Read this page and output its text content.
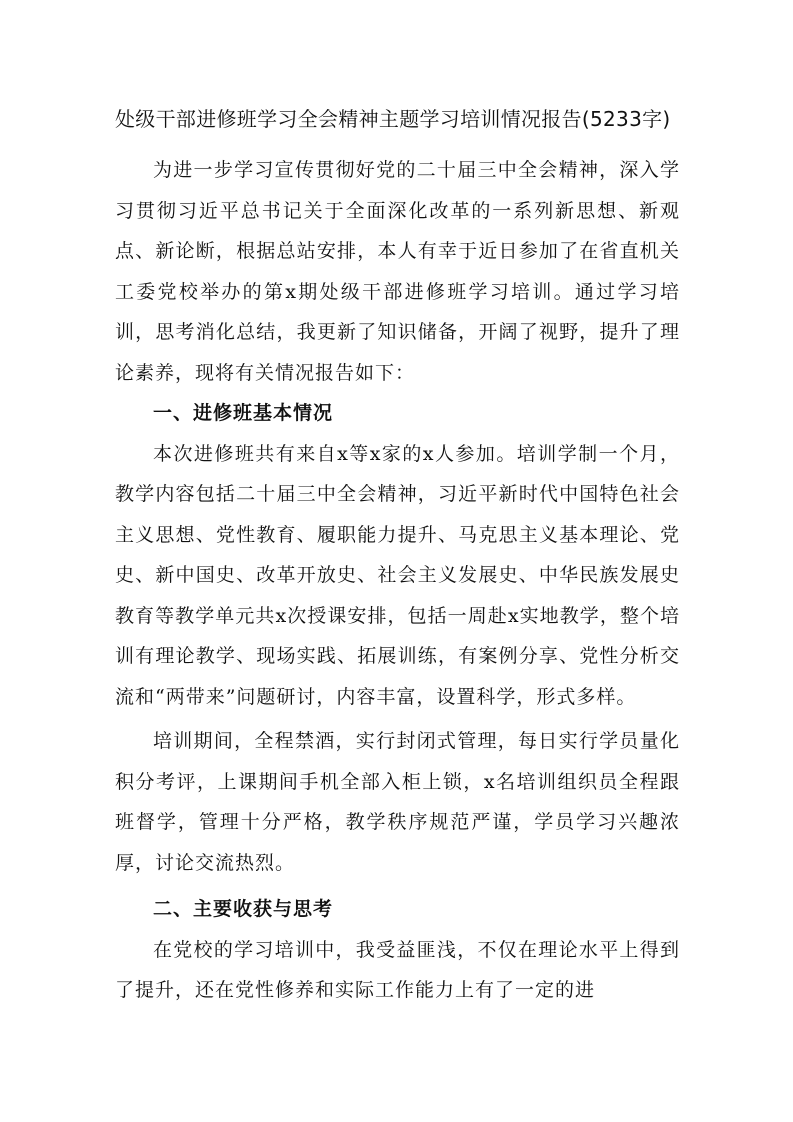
处级干部进修班学习全会精神主题学习培训情况报告(5233字)

为进一步学习宣传贯彻好党的二十届三中全会精神，深入学习贯彻习近平总书记关于全面深化改革的一系列新思想、新观点、新论断，根据总站安排，本人有幸于近日参加了在省直机关工委党校举办的第x期处级干部进修班学习培训。通过学习培训，思考消化总结，我更新了知识储备，开阔了视野，提升了理论素养，现将有关情况报告如下：

一、进修班基本情况

本次进修班共有来自x等x家的x人参加。培训学制一个月，教学内容包括二十届三中全会精神，习近平新时代中国特色社会主义思想、党性教育、履职能力提升、马克思主义基本理论、党史、新中国史、改革开放史、社会主义发展史、中华民族发展史教育等教学单元共x次授课安排，包括一周赴x实地教学，整个培训有理论教学、现场实践、拓展训练，有案例分享、党性分析交流和“两带来”问题研讨，内容丰富，设置科学，形式多样。

培训期间，全程禁酒，实行封闭式管理，每日实行学员量化积分考评，上课期间手机全部入柜上锁，x名培训组织员全程跟班督学，管理十分严格，教学秩序规范严谨，学员学习兴趣浓厚，讨论交流热烈。

二、主要收获与思考

在党校的学习培训中，我受益匪浅，不仅在理论水平上得到了提升，还在党性修养和实际工作能力上有了一定的进
